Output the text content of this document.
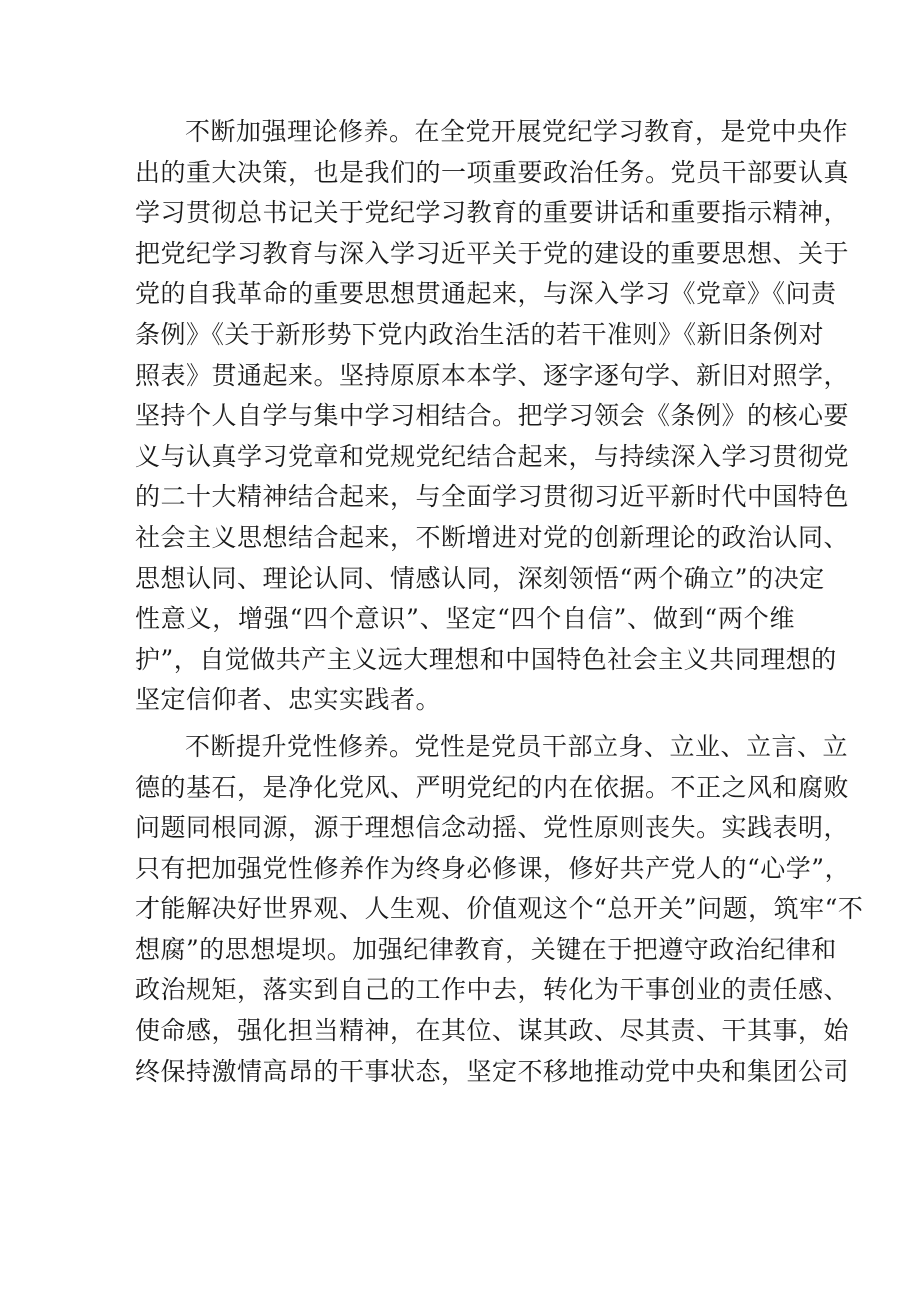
不断加强理论修养。在全党开展党纪学习教育，是党中央作
出的重大决策，也是我们的一项重要政治任务。党员干部要认真
学习贯彻总书记关于党纪学习教育的重要讲话和重要指示精神，
把党纪学习教育与深入学习近平关于党的建设的重要思想、关于
党的自我革命的重要思想贯通起来，与深入学习《党章》《问责
条例》《关于新形势下党内政治生活的若干准则》《新旧条例对
照表》贯通起来。坚持原原本本学、逐字逐句学、新旧对照学，
坚持个人自学与集中学习相结合。把学习领会《条例》的核心要
义与认真学习党章和党规党纪结合起来，与持续深入学习贯彻党
的二十大精神结合起来，与全面学习贯彻习近平新时代中国特色
社会主义思想结合起来，不断增进对党的创新理论的政治认同、
思想认同、理论认同、情感认同，深刻领悟“两个确立”的决定
性意义，增强“四个意识”、坚定“四个自信”、做到“两个维
护”，自觉做共产主义远大理想和中国特色社会主义共同理想的
坚定信仰者、忠实实践者。
不断提升党性修养。党性是党员干部立身、立业、立言、立
德的基石，是净化党风、严明党纪的内在依据。不正之风和腐败
问题同根同源，源于理想信念动摇、党性原则丧失。实践表明，
只有把加强党性修养作为终身必修课，修好共产党人的“心学”，
才能解决好世界观、人生观、价值观这个“总开关”问题，筑牢“不
想腐”的思想堤坝。加强纪律教育，关键在于把遵守政治纪律和
政治规矩，落实到自己的工作中去，转化为干事创业的责任感、
使命感，强化担当精神，在其位、谋其政、尽其责、干其事，始
终保持激情高昂的干事状态，坚定不移地推动党中央和集团公司
